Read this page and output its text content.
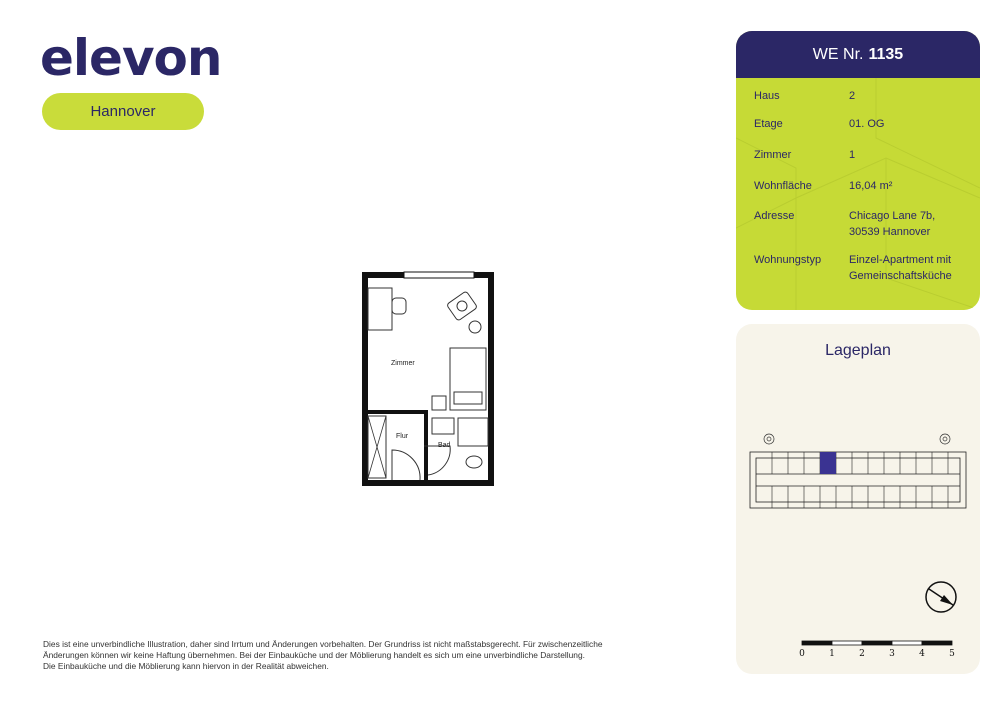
elevon
Hannover
WE Nr. 1135
Haus	2
Etage	01. OG
Zimmer	1
Wohnfläche	16,04 m²
Adresse	Chicago Lane 7b,
30539 Hannover
Wohnungstyp	Einzel-Apartment mit
Gemeinschaftsküche
Lageplan
0	1	2	3	4	5
Zimmer
Flur
Bad

Dies ist eine unverbindliche Illustration, daher sind Irrtum und Änderungen vorbehalten. Der Grundriss ist nicht maßstabsgerecht. Für zwischenzeitliche

Änderungen können wir keine Haftung übernehmen. Bei der Einbauküche und der Möblierung handelt es sich um eine unverbindliche Darstellung.

Die Einbauküche und die Möblierung kann hiervon in der Realität abweichen.
